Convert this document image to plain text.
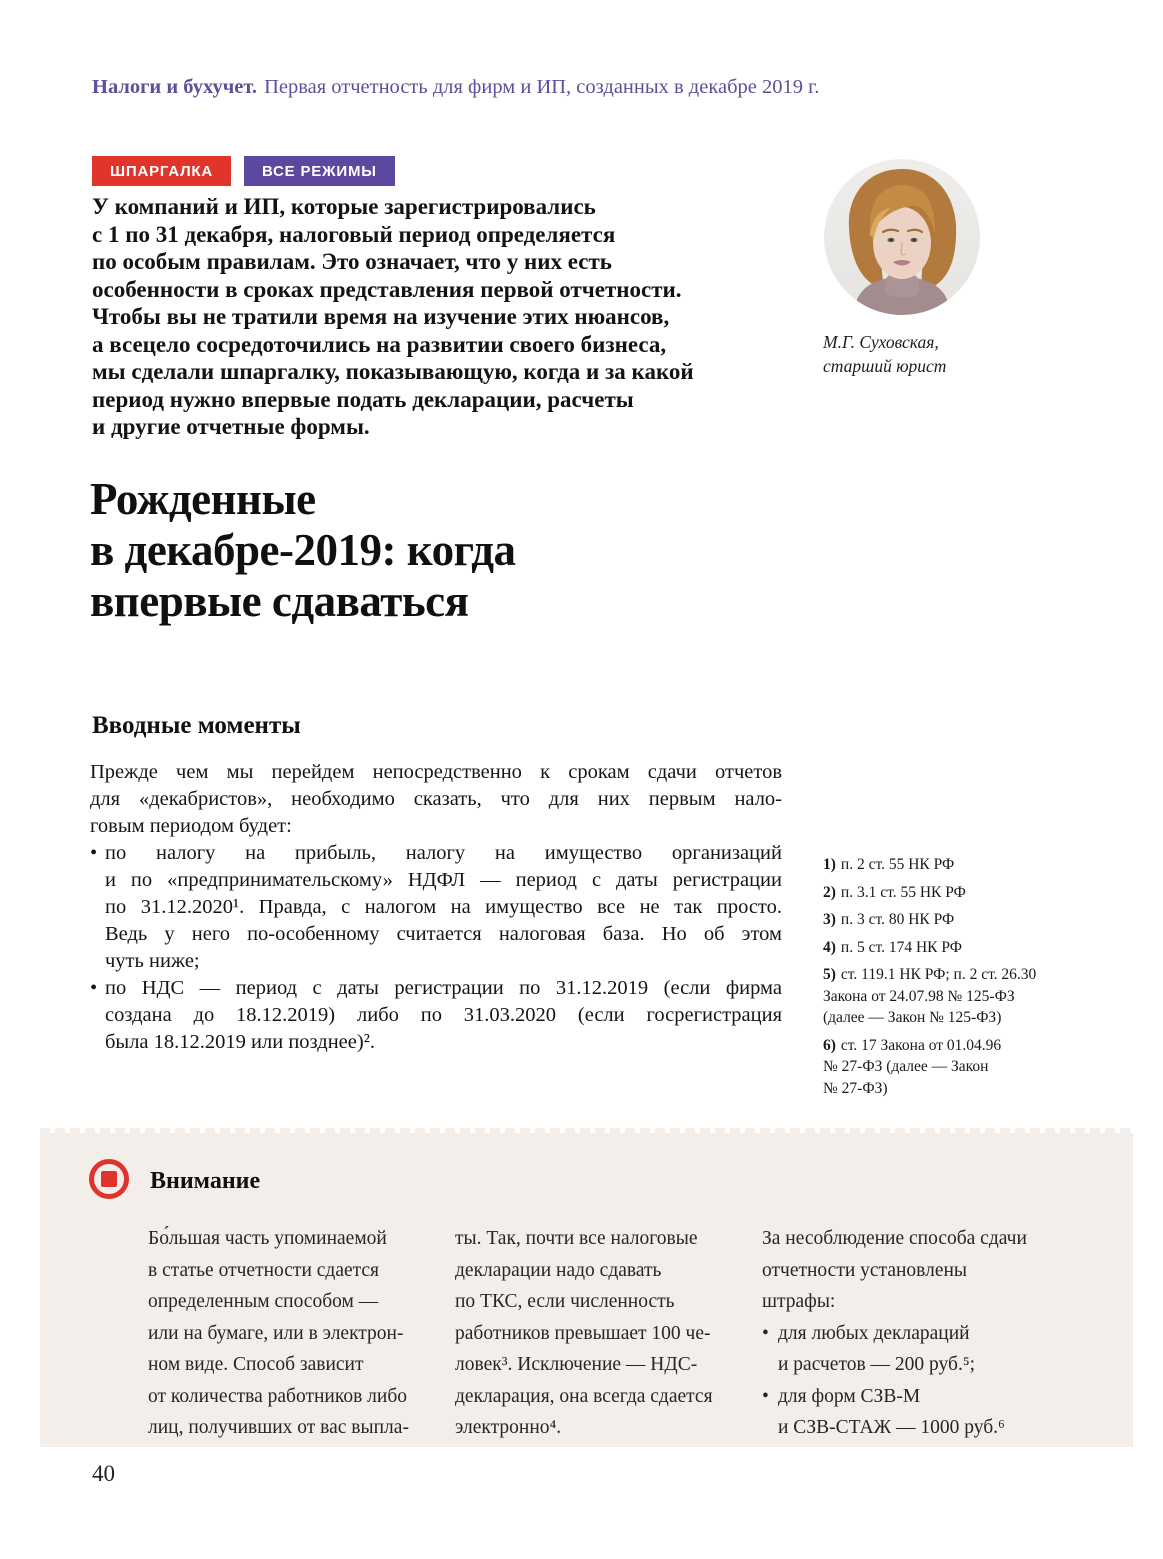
Налоги и бухучет. Первая отчетность для фирм и ИП, созданных в декабре 2019 г.
ШПАРГАЛКА	ВСЕ РЕЖИМЫ
У компаний и ИП, которые зарегистрировались
с 1 по 31 декабря, налоговый период определяется
по особым правилам. Это означает, что у них есть
особенности в сроках представления первой отчетности.
Чтобы вы не тратили время на изучение этих нюансов,
а всецело сосредоточились на развитии своего бизнеса,
мы сделали шпаргалку, показывающую, когда и за какой
период нужно впервые подать декларации, расчеты
и другие отчетные формы.
М.Г. Суховская,
старший юрист
Рожденные
в декабре-2019: когда
впервые сдаваться
Вводные моменты
Прежде чем мы перейдем непосредственно к срокам сдачи отчетов
для «декабристов», необходимо сказать, что для них первым нало-
говым периодом будет:
• по налогу на прибыль, налогу на имущество организаций
и по «предпринимательскому» НДФЛ — период с даты регистрации
по 31.12.2020¹. Правда, с налогом на имущество все не так просто.
Ведь у него по-особенному считается налоговая база. Но об этом
чуть ниже;
• по НДС — период с даты регистрации по 31.12.2019 (если фирма
создана до 18.12.2019) либо по 31.03.2020 (если госрегистрация
была 18.12.2019 или позднее)².
1) п. 2 ст. 55 НК РФ
2) п. 3.1 ст. 55 НК РФ
3) п. 3 ст. 80 НК РФ
4) п. 5 ст. 174 НК РФ
5) ст. 119.1 НК РФ; п. 2 ст. 26.30
Закона от 24.07.98 № 125-ФЗ
(далее — Закон № 125-ФЗ)
6) ст. 17 Закона от 01.04.96
№ 27-ФЗ (далее — Закон
№ 27-ФЗ)
Внимание
Бо́льшая часть упоминаемой
в статье отчетности сдается
определенным способом —
или на бумаге, или в электрон-
ном виде. Способ зависит
от количества работников либо
лиц, получивших от вас выпла-
ты. Так, почти все налоговые
декларации надо сдавать
по ТКС, если численность
работников превышает 100 че-
ловек³. Исключение — НДС-
декларация, она всегда сдается
электронно⁴.
За несоблюдение способа сдачи
отчетности установлены
штрафы:
• для любых деклараций
и расчетов — 200 руб.⁵;
• для форм СЗВ-М
и СЗВ-СТАЖ — 1000 руб.⁶
40
